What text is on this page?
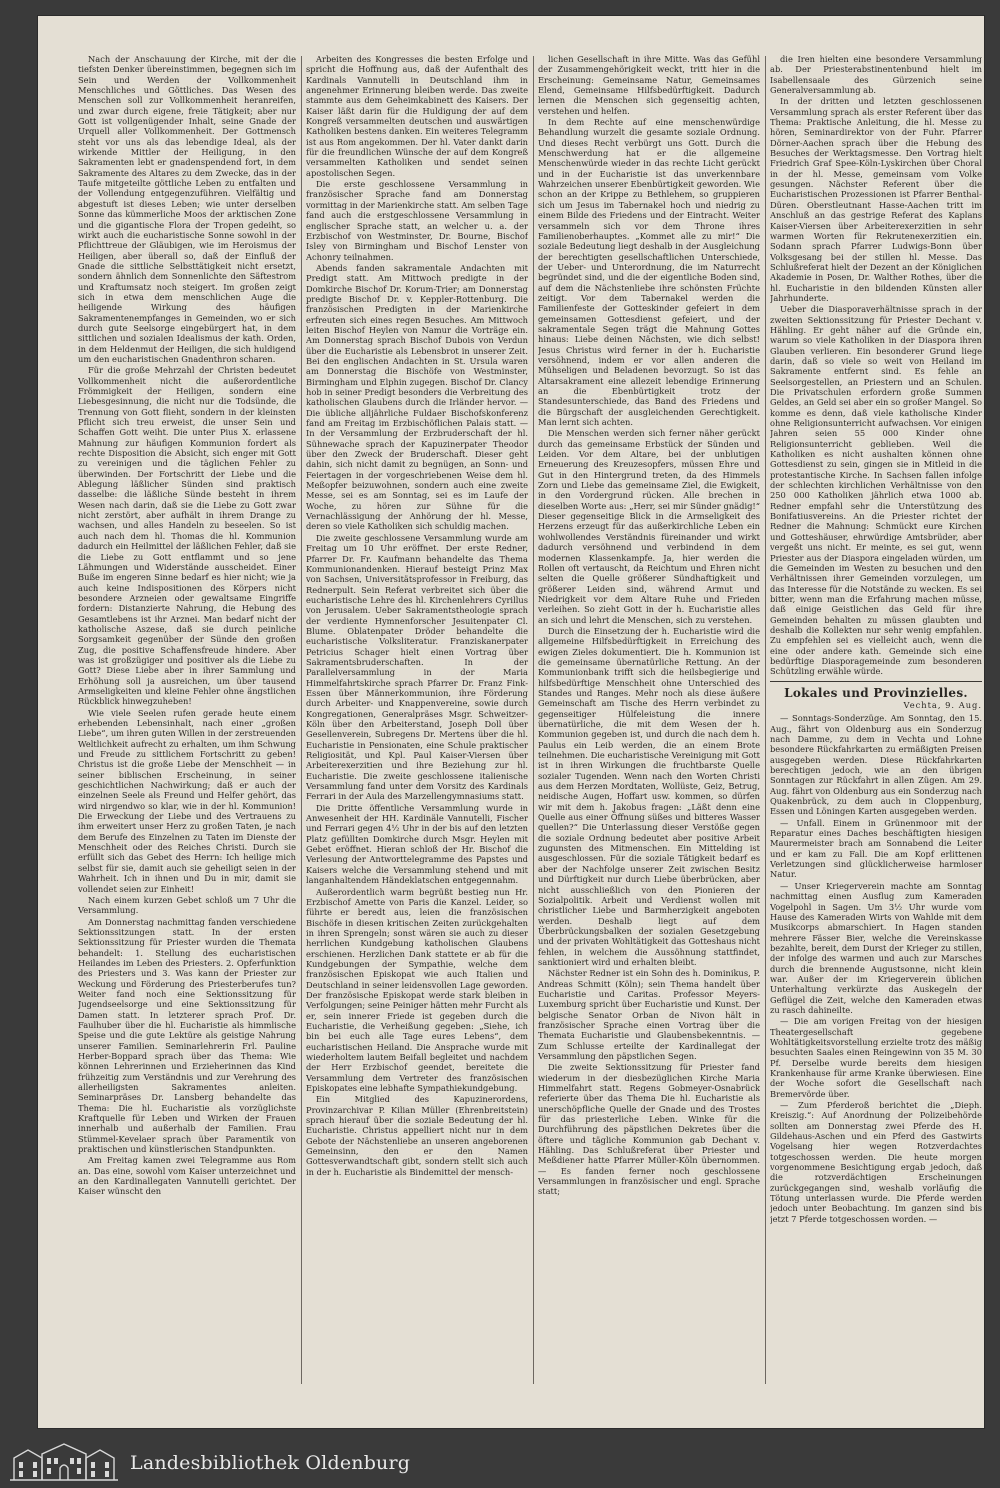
Nach der Anschauung der Kirche, mit der die tiefsten Denker übereinstimmen, begegnen sich im Sein und Werden der Vollkommenheit Menschliches und Göttliches. Das Wesen des Menschen soll zur Vollkommenheit heranreifen, und zwar durch eigene, freie Tätigkeit; aber nur Gott ist vollgenügender Inhalt, seine Gnade der Urquell aller Vollkommenheit. Der Gottmensch steht vor uns als das lebendige Ideal, als der wirkende Mittler der Heiligung, in den Sakramenten lebt er gnadenspendend fort, in dem Sakramente des Altares zu dem Zwecke, das in der Taufe mitgeteilte göttliche Leben zu entfalten und der Vollendung entgegenzuführen. Vielfältig und abgestuft ist dieses Leben; wie unter derselben Sonne das kümmerliche Moos der arktischen Zone und die gigantische Flora der Tropen gedeiht, so wirkt auch die eucharistische Sonne sowohl in der Pflichttreue der Gläubigen, wie im Heroismus der Heiligen, aber überall so, daß der Einfluß der Gnade die sittliche Selbsttätigkeit nicht ersetzt, sondern ähnlich dem Sonnenlichte den Säftestrom und Kraftumsatz noch steigert. Im großen zeigt sich in etwa dem menschlichen Auge die heiligende Wirkung des häufigen Sakramentenempfanges in Gemeinden, wo er sich durch gute Seelsorge eingebürgert hat, in dem sittlichen und sozialen Idealismus der kath. Orden, in dem Heldenmut der Heiligen, die sich huldigend um den eucharistischen Gnadenthron scharen.

Für die große Mehrzahl der Christen bedeutet Vollkommenheit nicht die außerordentliche Frömmigkeit der Heiligen, sondern eine Liebesgesinnung, die nicht nur die Todsünde, die Trennung von Gott flieht, sondern in der kleinsten Pflicht sich treu erweist, die unser Sein und Schaffen Gott weiht. Die unter Pius X. erlassene Mahnung zur häufigen Kommunion fordert als rechte Disposition die Absicht, sich enger mit Gott zu vereinigen und die täglichen Fehler zu überwinden. Der Fortschritt der Liebe und die Ablegung läßlicher Sünden sind praktisch dasselbe: die läßliche Sünde besteht in ihrem Wesen nach darin, daß sie die Liebe zu Gott zwar nicht zerstört, aber aufhält in ihrem Drange zu wachsen, und alles Handeln zu beseelen. So ist auch nach dem hl. Thomas die hl. Kommunion dadurch ein Heilmittel der läßlichen Fehler, daß sie die Liebe zu Gott entflammt und so jene Lähmungen und Widerstände ausscheidet. Einer Buße im engeren Sinne bedarf es hier nicht; wie ja auch keine Indispositionen des Körpers nicht besondere Arzneien oder gewaltsame Eingriffe fordern: Distanzierte Nahrung, die Hebung des Gesamtlebens ist ihr Arznei. Man bedarf nicht der katholische Aszese, daß sie durch peinliche Sorgsamkeit gegenüber der Sünde den großen Zug, die positive Schaffensfreude hindere. Aber was ist großzügiger und positiver als die Liebe zu Gott? Diese Liebe aber in ihrer Sammlung und Erhöhung soll ja ausreichen, um über tausend Armseligkeiten und kleine Fehler ohne ängstlichen Rückblick hinwegzuheben!

Wie viele Seelen rufen gerade heute einem erhebenden Lebensinhalt, nach einer „großen Liebe“, um ihren guten Willen in der zerstreuenden Weltlichkeit aufrecht zu erhalten, um ihm Schwung und Freude zu sittlichem Fortschritt zu geben! Christus ist die große Liebe der Menschheit — in seiner biblischen Erscheinung, in seiner geschichtlichen Nachwirkung; daß er auch der einzelnen Seele als Freund und Helfer gehört, das wird nirgendwo so klar, wie in der hl. Kommunion! Die Erweckung der Liebe und des Vertrauens zu ihm erweitert unser Herz zu großen Taten, je nach dem Berufe des Einzelnen zu Taten im Dienste der Menschheit oder des Reiches Christi. Durch sie erfüllt sich das Gebet des Herrn: Ich heilige mich selbst für sie, damit auch sie geheiligt seien in der Wahrheit. Ich in ihnen und Du in mir, damit sie vollendet seien zur Einheit!

Nach einem kurzen Gebet schloß um 7 Uhr die Versammlung.

Am Donnerstag nachmittag fanden verschiedene Sektionssitzungen statt. In der ersten Sektionssitzung für Priester wurden die Themata behandelt: 1. Stellung des eucharistischen Heilandes im Leben des Priesters. 2. Opferfunktion des Priesters und 3. Was kann der Priester zur Weckung und Förderung des Priesterberufes tun? Weiter fand noch eine Sektionssitzung für Jugendseelsorge und eine Sektionssitzung für Damen statt. In letzterer sprach Prof. Dr. Faulhuber über die hl. Eucharistie als himmlische Speise und die gute Lektüre als geistige Nahrung unserer Familien. Seminarlehrerin Frl. Pauline Herber-Boppard sprach über das Thema: Wie können Lehrerinnen und Erzieherinnen das Kind frühzeitig zum Verständnis und zur Verehrung des allerheiligsten Sakramentes anleiten. Seminarpräses Dr. Lansberg behandelte das Thema: Die hl. Eucharistie als vorzüglichste Kraftquelle für Leben und Wirken der Frauen innerhalb und außerhalb der Familien. Frau Stümmel-Kevelaer sprach über Paramentik von praktischen und künstlerischen Standpunkten.

Am Freitag kamen zwei Telegramme aus Rom an. Das eine, sowohl vom Kaiser unterzeichnet und an den Kardinallegaten Vannutelli gerichtet. Der Kaiser wünscht den

Arbeiten des Kongresses die besten Erfolge und spricht die Hoffnung aus, daß der Aufenthalt des Kardinals Vannutelli in Deutschland ihm in angenehmer Erinnerung bleiben werde. Das zweite stammte aus dem Geheimkabinett des Kaisers. Der Kaiser läßt darin für die Huldigung der auf dem Kongreß versammelten deutschen und auswärtigen Katholiken bestens danken. Ein weiteres Telegramm ist aus Rom angekommen. Der hl. Vater dankt darin für die freundlichen Wünsche der auf dem Kongreß versammelten Katholiken und sendet seinen apostolischen Segen.

Die erste geschlossene Versammlung in französischer Sprache fand am Donnerstag vormittag in der Marienkirche statt. Am selben Tage fand auch die erstgeschlossene Versammlung in englischer Sprache statt, an welcher u. a. der Erzbischof von Westminster, Dr. Bourne, Bischof Isley von Birmingham und Bischof Lenster von Achonry teilnahmen.

Abends fanden sakramentale Andachten mit Predigt statt. Am Mittwoch predigte in der Domkirche Bischof Dr. Korum-Trier; am Donnerstag predigte Bischof Dr. v. Keppler-Rottenburg. Die französischen Predigten in der Marienkirche erfreuten sich eines regen Besuches. Am Mittwoch leiten Bischof Heylen von Namur die Vorträge ein. Am Donnerstag sprach Bischof Dubois von Verdun über die Eucharistie als Lebensbrot in unserer Zeit. Bei den englischen Andachten in St. Ursula waren am Donnerstag die Bischöfe von Westminster, Birmingham und Elphin zugegen. Bischof Dr. Clancy hob in seiner Predigt besonders die Verbreitung des katholischen Glaubens durch die Irländer hervor. — Die übliche alljährliche Fuldaer Bischofskonferenz fand am Freitag im Erzbischöflichen Palais statt. — In der Versammlung der Erzbruderschaft der hl. Sühnewache sprach der Kapuzinerpater Theodor über den Zweck der Bruderschaft. Dieser geht dahin, sich nicht damit zu begnügen, an Sonn- und Feiertagen in der vorgeschriebenen Weise dem hl. Meßopfer beizuwohnen, sondern auch eine zweite Messe, sei es am Sonntag, sei es im Laufe der Woche, zu hören zur Sühne für die Vernachlässigung der Anhörung der hl. Messe, deren so viele Katholiken sich schuldig machen.

Die zweite geschlossene Versammlung wurde am Freitag um 10 Uhr eröffnet. Der erste Redner, Pfarrer Dr. Fr. Kaufmann behandelte das Thema Kommunionandenken. Hierauf besteigt Prinz Max von Sachsen, Universitätsprofessor in Freiburg, das Rednerpult. Sein Referat verbreitet sich über die eucharistische Lehre des hl. Kirchenlehrers Cyrillus von Jerusalem. Ueber Sakramentstheologie sprach der verdiente Hymnenforscher Jesuitenpater Cl. Blume. Oblatenpater Dröder behandelte die eucharistische Volksliteratur. Franziskanerpater Petricius Schager hielt einen Vortrag über Sakramentsbruderschaften. In der Parallelversammlung in der Maria Himmelfahrtskirche sprach Pfarrer Dr. Franz Fink-Essen über Männerkommunion, ihre Förderung durch Arbeiter- und Knappenvereine, sowie durch Kongregationen, Generalpräses Msgr. Schweitzer-Köln über den Arbeiterstand, Joseph Doll über Gesellenverein, Subregens Dr. Mertens über die hl. Eucharistie in Pensionaten, eine Schule praktischer Religiosität, und Kpl. Paul Kaiser-Viersen über Arbeiterexerzitien und ihre Beziehung zur hl. Eucharistie. Die zweite geschlossene italienische Versammlung fand unter dem Vorsitz des Kardinals Ferrari in der Aula des Marzellengymnasiums statt.

Die Dritte öffentliche Versammlung wurde in Anwesenheit der HH. Kardinäle Vannutelli, Fischer und Ferrari gegen 4½ Uhr in der bis auf den letzten Platz gefüllten Domkirche durch Msgr. Heylen mit Gebet eröffnet. Hieran schloß der Hr. Bischof die Verlesung der Antworttelegramme des Papstes und Kaisers welche die Versammlung stehend und mit langanhaltendem Händeklatschen entgegennahm.

Außerordentlich warm begrüßt bestieg nun Hr. Erzbischof Amette von Paris die Kanzel. Leider, so führte er beredt aus, leien die französischen Bischöfe in diesen kritischen Zeiten zurückgehalten in ihren Sprengeln; sonst wären sie auch zu dieser herrlichen Kundgebung katholischen Glaubens erschienen. Herzlichen Dank stattete er ab für die Kundgebungen der Sympathie, welche dem französischen Episkopat wie auch Italien und Deutschland in seiner leidensvollen Lage geworden. Der französische Episkopat werde stark bleiben in Verfolgungen; seine Peiniger hätten mehr Furcht als er, sein innerer Friede ist gegeben durch die Eucharistie, die Verheißung gegeben: „Siehe, ich bin bei euch alle Tage eures Lebens“, dem eucharistischen Heiland. Die Ansprache wurde mit wiederholtem lautem Beifall begleitet und nachdem der Herr Erzbischof geendet, bereitete die Versammlung dem Vertreter des französischen Episkopates eine lebhafte Sympathiekundgebung.

Ein Mitglied des Kapuzinerordens, Provinzarchivar P. Kilian Müller (Ehrenbreitstein) sprach hierauf über die soziale Bedeutung der hl. Eucharistie. Christus appelliert nicht nur in dem Gebote der Nächstenliebe an unseren angeborenen Gemeinsinn, den er den Namen Gottesverwandtschaft gibt, sondern stellt sich auch in der h. Eucharistie als Bindemittel der mensch-

lichen Gesellschaft in ihre Mitte. Was das Gefühl der Zusammengehörigkeit weckt, tritt hier in die Erscheinung: Gemeinsame Natur, Gemeinsames Elend, Gemeinsame Hilfsbedürftigkeit. Dadurch lernen die Menschen sich gegenseitig achten, verstehen und helfen.

In dem Rechte auf eine menschenwürdige Behandlung wurzelt die gesamte soziale Ordnung. Und dieses Recht verbürgt uns Gott. Durch die Menschwerdung hat er die allgemeine Menschenwürde wieder in das rechte Licht gerückt und in der Eucharistie ist das unverkennbare Wahrzeichen unserer Ebenbürtigkeit geworden. Wie schon an der Krippe zu Bethlehem, so gruppieren sich um Jesus im Tabernakel hoch und niedrig zu einem Bilde des Friedens und der Eintracht. Weiter versammeln sich vor dem Throne ihres Familienoberhauptes. „Kommet alle zu mir!“ Die soziale Bedeutung liegt deshalb in der Ausgleichung der berechtigten gesellschaftlichen Unterschiede, der Ueber- und Unterordnung, die im Naturrecht begründet sind, und die der eigentliche Boden sind, auf dem die Nächstenliebe ihre schönsten Früchte zeitigt. Vor dem Tabernakel werden die Familienfeste der Gotteskinder gefeiert in dem gemeinsamen Gottesdienst gefeiert, und der sakramentale Segen trägt die Mahnung Gottes hinaus: Liebe deinen Nächsten, wie dich selbst! Jesus Christus wird ferner in der h. Eucharistie versöhnend, indem er vor allen anderen die Mühseligen und Beladenen bevorzugt. So ist das Altarsakrament eine allezeit lebendige Erinnerung an die Ebenbürtigkeit trotz der Standesunterschiede, das Band des Friedens und die Bürgschaft der ausgleichenden Gerechtigkeit. Man lernt sich achten.

Die Menschen werden sich ferner näher gerückt durch das gemeinsame Erbstück der Sünden und Leiden. Vor dem Altare, bei der unblutigen Erneuerung des Kreuzesopfers, müssen Ehre und Gut in den Hintergrund treten, da des Himmels Zorn und Liebe das gemeinsame Ziel, die Ewigkeit, in den Vordergrund rücken. Alle brechen in dieselben Worte aus: „Herr, sei mir Sünder gnädig!“ Dieser gegenseitige Blick in die Armseligkeit des Herzens erzeugt für das außerkirchliche Leben ein wohlwollendes Verständnis füreinander und wirkt dadurch versöhnend und verbindend in dem modernen Klassenkampfe. Ja, hier werden die Rollen oft vertauscht, da Reichtum und Ehren nicht selten die Quelle größerer Sündhaftigkeit und größerer Leiden sind, während Armut und Niedrigkeit vor dem Altare Ruhe und Frieden verleihen. So zieht Gott in der h. Eucharistie alles an sich und lehrt die Menschen, sich zu verstehen.

Durch die Einsetzung der h. Eucharistie wird die allgemeine Hilfsbedürftigkeit in Erreichung des ewigen Zieles dokumentiert. Die h. Kommunion ist die gemeinsame übernatürliche Rettung. An der Kommunionbank trifft sich die heilsbegierige und hilfsbedürftige Menschheit ohne Unterschied des Standes und Ranges. Mehr noch als diese äußere Gemeinschaft am Tische des Herrn verbindet zu gegenseitiger Hülfeleistung die innere übernatürliche, die mit dem Wesen der h. Kommunion gegeben ist, und durch die nach dem h. Paulus ein Leib werden, die an einem Brote teilnehmen. Die eucharistische Vereinigung mit Gott ist in ihren Wirkungen die fruchtbarste Quelle sozialer Tugenden. Wenn nach den Worten Christi aus dem Herzen Mordtaten, Wollüste, Geiz, Betrug, neidische Augen, Hoffart usw. kommen, so dürfen wir mit dem h. Jakobus fragen: „Läßt denn eine Quelle aus einer Öffnung süßes und bitteres Wasser quellen?“ Die Unterlassung dieser Verstöße gegen die soziale Ordnung bedeutet aber positive Arbeit zugunsten des Mitmenschen. Ein Mittelding ist ausgeschlossen. Für die soziale Tätigkeit bedarf es aber der Nachfolge unserer Zeit zwischen Besitz und Dürftigkeit nur durch Liebe überbrücken, aber nicht ausschließlich von den Pionieren der Sozialpolitik. Arbeit und Verdienst wollen mit christlicher Liebe und Barmherzigkeit angeboten werden. Deshalb liegt auf dem Überbrückungsbalken der sozialen Gesetzgebung und der privaten Wohltätigkeit das Gotteshaus nicht fehlen, in welchem die Aussöhnung stattfindet, sanktioniert wird und erhalten bleibt.

Nächster Redner ist ein Sohn des h. Dominikus, P. Andreas Schmitt (Köln); sein Thema handelt über Eucharistie und Caritas. Professor Meyers-Luxemburg spricht über Eucharistie und Kunst. Der belgische Senator Orban de Nivon hält in französischer Sprache einen Vortrag über die Themata Eucharistie und Glaubensbekenntnis. — Zum Schlusse erteilte der Kardinallegat der Versammlung den päpstlichen Segen.

Die zweite Sektionssitzung für Priester fand wiederum in der diesbezüglichen Kirche Maria Himmelfahrt statt. Regens Gobmeyer-Osnabrück referierte über das Thema Die hl. Eucharistie als unerschöpfliche Quelle der Gnade und des Trostes für das priesterliche Leben. Winke für die Durchführung des päpstlichen Dekretes über die öftere und tägliche Kommunion gab Dechant v. Hähling. Das Schlußreferat über Priester und Meßdiener hatte Pfarrer Müller-Köln übernommen. — Es fanden ferner noch geschlossene Versammlungen in französischer und engl. Sprache statt;

die Iren hielten eine besondere Versammlung ab. Der Priesterabstinentenbund hielt im Isabellensaale des Gürzenich seine Generalversammlung ab.

In der dritten und letzten geschlossenen Versammlung sprach als erster Referent über das Thema: Praktische Anleitung, die hl. Messe zu hören, Seminardirektor von der Fuhr. Pfarrer Dörner-Aachen sprach über die Hebung des Besuches der Werktagsmesse. Den Vortrag hielt Friedrich Graf Spee-Köln-Lyskirchen über Choral in der hl. Messe, gemeinsam vom Volke gesungen. Nächster Referent über die Eucharistischen Prozessionen ist Pfarrer Benthal-Düren. Oberstleutnant Hasse-Aachen tritt im Anschluß an das gestrige Referat des Kaplans Kaiser-Viersen über Arbeiterexerzitien in sehr warmen Worten für Rekrutenexerzitien ein. Sodann sprach Pfarrer Ludwigs-Bonn über Volksgesang bei der stillen hl. Messe. Das Schlußreferat hielt der Dezent an der Königlichen Akademie in Posen, Dr. Walther Rothes, über die hl. Eucharistie in den bildenden Künsten aller Jahrhunderte.

Ueber die Diasporaverhältnisse sprach in der zweiten Sektionssitzung für Priester Dechant v. Hähling. Er geht näher auf die Gründe ein, warum so viele Katholiken in der Diaspora ihren Glauben verlieren. Ein besonderer Grund liege darin, daß so viele so weit von Heiland im Sakramente entfernt sind. Es fehle an Seelsorgestellen, an Priestern und an Schulen. Die Privatschulen erfordern große Summen Geldes, an Geld sei aber ein so großer Mangel. So komme es denn, daß viele katholische Kinder ohne Religionsunterricht aufwachsen. Vor einigen Jahren seien 55 000 Kinder ohne Religionsunterricht geblieben. Weil die Katholiken es nicht aushalten können ohne Gottesdienst zu sein, gingen sie in Mitleid in die protestantische Kirche. In Sachsen fallen infolge der schlechten kirchlichen Verhältnisse von den 250 000 Katholiken jährlich etwa 1000 ab. Redner empfahl sehr die Unterstützung des Bonifatiusvereins. An die Priester richtet der Redner die Mahnung: Schmückt eure Kirchen und Gotteshäuser, ehrwürdige Amtsbrüder, aber vergeßt uns nicht. Er meinte, es sei gut, wenn Priester aus der Diaspora eingeladen würden, um die Gemeinden im Westen zu besuchen und den Verhältnissen ihrer Gemeinden vorzulegen, um das Interesse für die Notstände zu wecken. Es sei bitter, wenn man die Erfahrung machen müsse, daß einige Geistlichen das Geld für ihre Gemeinden behalten zu müssen glaubten und deshalb die Kollekten nur sehr wenig empfahlen. Zu empfehlen sei es vielleicht auch, wenn die eine oder andere kath. Gemeinde sich eine bedürftige Diasporagemeinde zum besonderen Schützling erwähle würde.

Lokales und Provinzielles.

Vechta, 9. Aug.

— Sonntags-Sonderzüge. Am Sonntag, den 15. Aug., fährt von Oldenburg aus ein Sonderzug nach Damme, zu dem in Vechta und Lohne besondere Rückfahrkarten zu ermäßigten Preisen ausgegeben werden. Diese Rückfahrkarten berechtigen jedoch, wie an den übrigen Sonntagen zur Rückfahrt in allen Zügen. Am 29. Aug. fährt von Oldenburg aus ein Sonderzug nach Quakenbrück, zu dem auch in Cloppenburg, Essen und Löningen Karten ausgegeben werden.

— Unfall. Einem in Grünenmoor mit der Reparatur eines Daches beschäftigten hiesigen Maurermeister brach am Sonnabend die Leiter und er kam zu Fall. Die am Kopf erlittenen Verletzungen sind glücklicherweise harmloser Natur.

— Unser Kriegerverein machte am Sonntag nachmittag einen Ausflug zum Kameraden Vogelpohl in Sagen. Um 3½ Uhr wurde vom Hause des Kameraden Wirts von Wahlde mit dem Musikcorps abmarschiert. In Hagen standen mehrere Fässer Bier, welche die Vereinskasse bezahlte, bereit, dem Durst der Krieger zu stillen, der infolge des warmen und auch zur Marsches durch die brennende Augustsonne, nicht klein war. Außer der im Kriegerverein üblichen Unterhaltung verkürzte das Auskegeln der Geflügel die Zeit, welche den Kameraden etwas zu rasch dahineilte.

— Die am vorigen Freitag von der hiesigen Theatergesellschaft gegebene Wohltätigkeitsvorstellung erzielte trotz des mäßig besuchten Saales einen Reingewinn von 35 M. 30 Pf. Derselbe wurde bereits dem hiesigen Krankenhause für arme Kranke überwiesen. Eine der Woche sofort die Gesellschaft nach Bremervörde über.

— Zum Pferderoß berichtet die „Dieph. Kreiszig.“: Auf Anordnung der Polizeibehörde sollten am Donnerstag zwei Pferde des H. Gildehaus-Aschen und ein Pferd des Gastwirts Vogelsang hier wegen Rotzverdachtes totgeschossen werden. Die heute morgen vorgenommene Besichtigung ergab jedoch, daß die rotzverdächtigen Erscheinungen zurückgegangen sind, weshalb vorläufig die Tötung unterlassen wurde. Die Pferde werden jedoch unter Beobachtung. Im ganzen sind bis jetzt 7 Pferde totgeschossen worden. —

Landesbibliothek Oldenburg
